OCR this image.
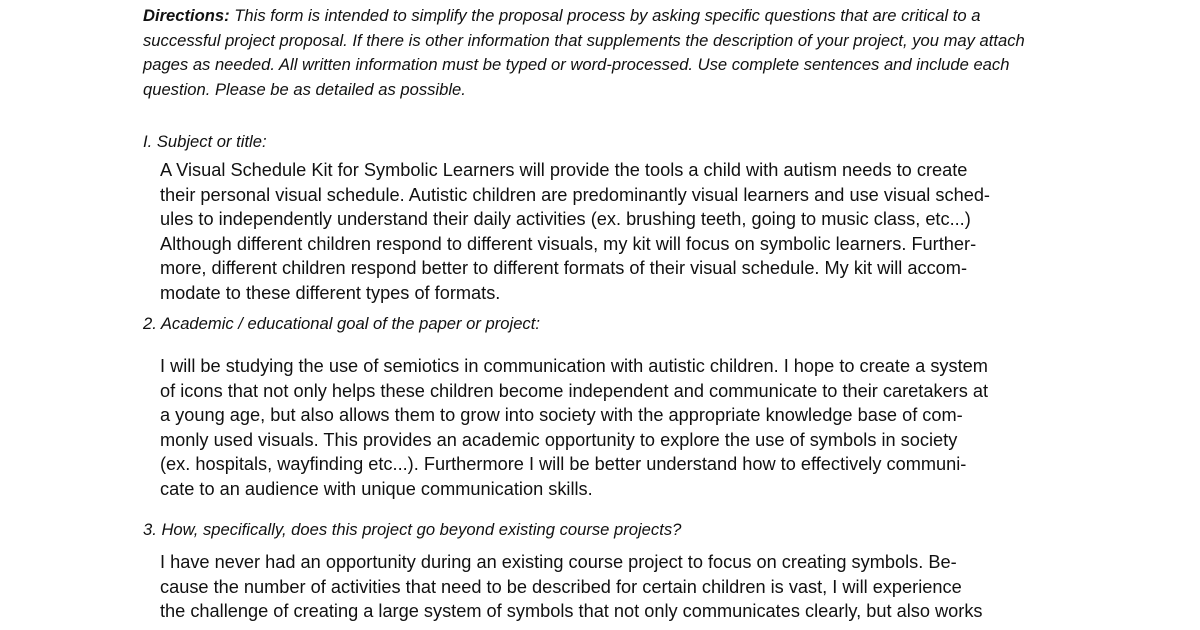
Directions: This form is intended to simplify the proposal process by asking specific questions that are critical to a successful project proposal. If there is other information that supplements the description of your project, you may attach pages as needed. All written information must be typed or word-processed. Use complete sentences and include each question. Please be as detailed as possible.
I. Subject or title:
A Visual Schedule Kit for Symbolic Learners will provide the tools a child with autism needs to create
their personal visual schedule. Autistic children are predominantly visual learners and use visual sched-
ules to independently understand their daily activities (ex. brushing teeth, going to music class, etc...)
Although different children respond to different visuals, my kit will focus on symbolic learners. Further-
more, different children respond better to different formats of their visual schedule. My kit will accom-
modate to these different types of formats.
2. Academic / educational goal of the paper or project:
I will be studying the use of semiotics in communication with autistic children. I hope to create a system
of icons that not only helps these children become independent and communicate to their caretakers at
a young age, but also allows them to grow into society with the appropriate knowledge base of com-
monly used visuals. This provides an academic opportunity to explore the use of symbols in society
(ex. hospitals, wayfinding etc...). Furthermore I will be better understand how to effectively communi-
cate to an audience with unique communication skills.
3. How, specifically, does this project go beyond existing course projects?
I have never had an opportunity during an existing course project to focus on creating symbols. Be-
cause the number of activities that need to be described for certain children is vast, I will experience
the challenge of creating a large system of symbols that not only communicates clearly, but also works
